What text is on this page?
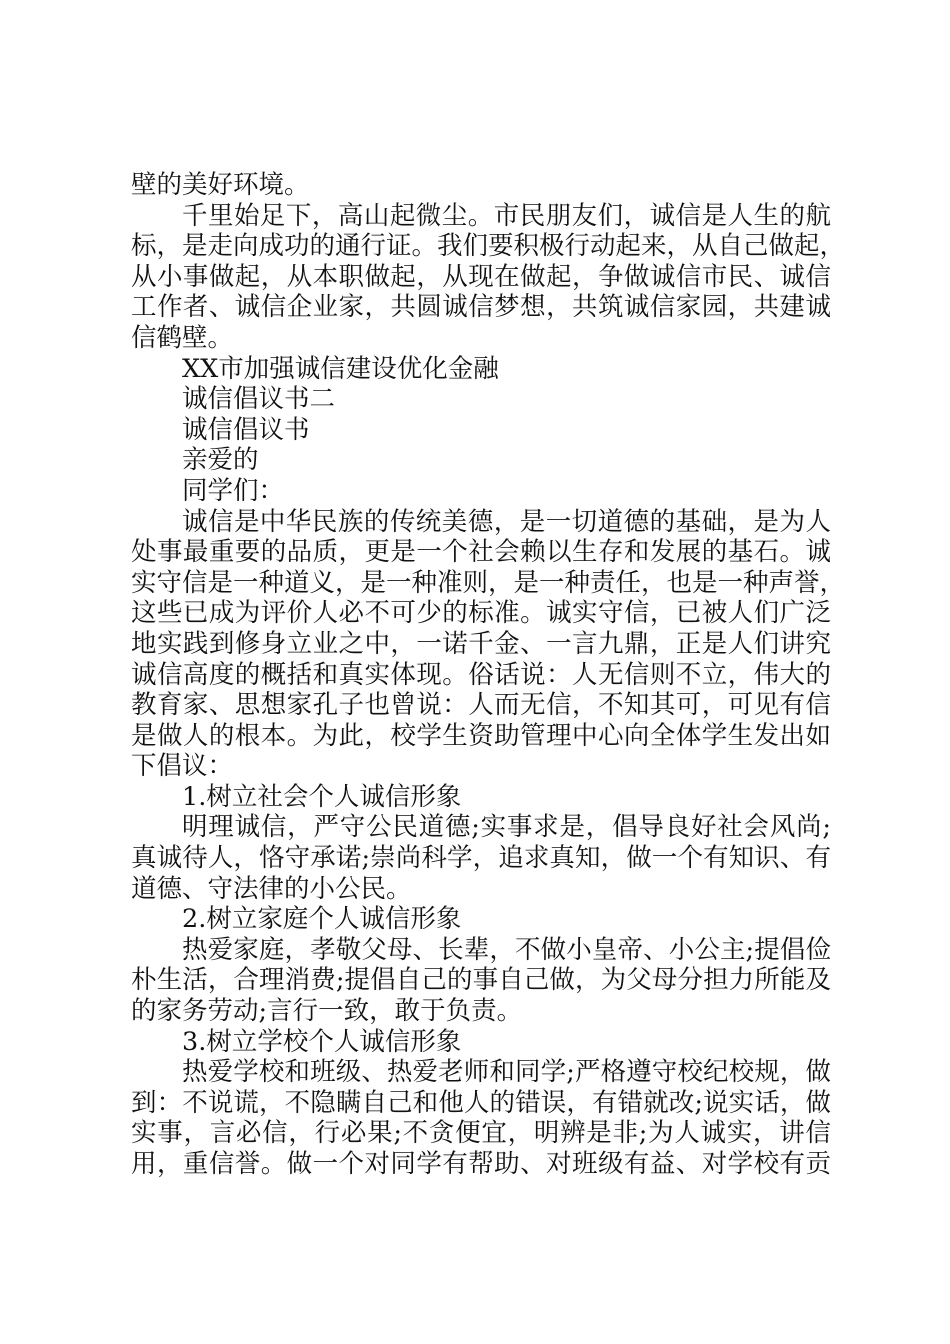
壁的美好环境。
千里始足下，高山起微尘。市民朋友们，诚信是人生的航
标，是走向成功的通行证。我们要积极行动起来，从自己做起，
从小事做起，从本职做起，从现在做起，争做诚信市民、诚信
工作者、诚信企业家，共圆诚信梦想，共筑诚信家园，共建诚
信鹤壁。
XX市加强诚信建设优化金融
诚信倡议书二
诚信倡议书
亲爱的
同学们：
诚信是中华民族的传统美德，是一切道德的基础，是为人
处事最重要的品质，更是一个社会赖以生存和发展的基石。诚
实守信是一种道义，是一种准则，是一种责任，也是一种声誉，
这些已成为评价人必不可少的标准。诚实守信，已被人们广泛
地实践到修身立业之中，一诺千金、一言九鼎，正是人们讲究
诚信高度的概括和真实体现。俗话说：人无信则不立，伟大的
教育家、思想家孔子也曾说：人而无信，不知其可，可见有信
是做人的根本。为此，校学生资助管理中心向全体学生发出如
下倡议：
1.树立社会个人诚信形象
明理诚信，严守公民道德;实事求是，倡导良好社会风尚;
真诚待人，恪守承诺;崇尚科学，追求真知，做一个有知识、有
道德、守法律的小公民。
2.树立家庭个人诚信形象
热爱家庭，孝敬父母、长辈，不做小皇帝、小公主;提倡俭
朴生活，合理消费;提倡自己的事自己做，为父母分担力所能及
的家务劳动;言行一致，敢于负责。
3.树立学校个人诚信形象
热爱学校和班级、热爱老师和同学;严格遵守校纪校规，做
到：不说谎，不隐瞒自己和他人的错误，有错就改;说实话，做
实事，言必信，行必果;不贪便宜，明辨是非;为人诚实，讲信
用，重信誉。做一个对同学有帮助、对班级有益、对学校有贡
